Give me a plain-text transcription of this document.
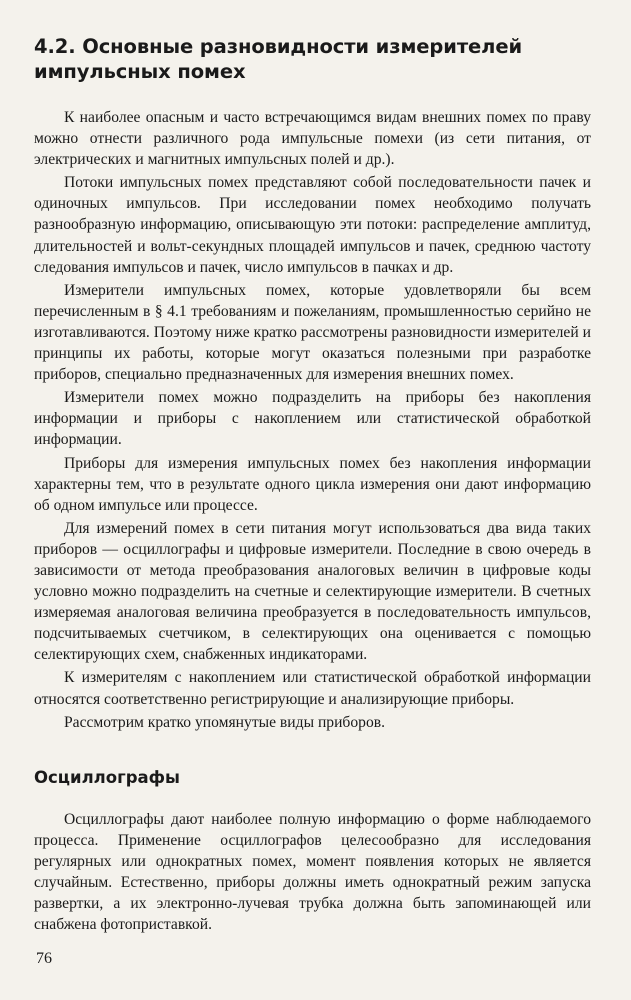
4.2. Основные разновидности измерителей
импульсных помех

К наиболее опасным и часто встречающимся видам внешних помех по праву можно отнести различного рода импульсные помехи (из сети питания, от электрических и магнитных импульсных полей и др.).

Потоки импульсных помех представляют собой последовательности пачек и одиночных импульсов. При исследовании помех необходимо получать разнообразную информацию, описывающую эти потоки: распределение амплитуд, длительностей и вольт-секундных площадей импульсов и пачек, среднюю частоту следования импульсов и пачек, число импульсов в пачках и др.

Измерители импульсных помех, которые удовлетворяли бы всем перечисленным в § 4.1 требованиям и пожеланиям, промышленностью серийно не изготавливаются. Поэтому ниже кратко рассмотрены разновидности измерителей и принципы их работы, которые могут оказаться полезными при разработке приборов, специально предназначенных для измерения внешних помех.

Измерители помех можно подразделить на приборы без накопления информации и приборы с накоплением или статистической обработкой информации.

Приборы для измерения импульсных помех без накопления информации характерны тем, что в результате одного цикла измерения они дают информацию об одном импульсе или процессе.

Для измерений помех в сети питания могут использоваться два вида таких приборов — осциллографы и цифровые измерители. Последние в свою очередь в зависимости от метода преобразования аналоговых величин в цифровые коды условно можно подразделить на счетные и селектирующие измерители. В счетных измеряемая аналоговая величина преобразуется в последовательность импульсов, подсчитываемых счетчиком, в селектирующих она оценивается с помощью селектирующих схем, снабженных индикаторами.

К измерителям с накоплением или статистической обработкой информации относятся соответственно регистрирующие и анализирующие приборы.

Рассмотрим кратко упомянутые виды приборов.

Осциллографы

Осциллографы дают наиболее полную информацию о форме наблюдаемого процесса. Применение осциллографов целесообразно для исследования регулярных или однократных помех, момент появления которых не является случайным. Естественно, приборы должны иметь однократный режим запуска развертки, а их электронно-лучевая трубка должна быть запоминающей или снабжена фотоприставкой.

76
